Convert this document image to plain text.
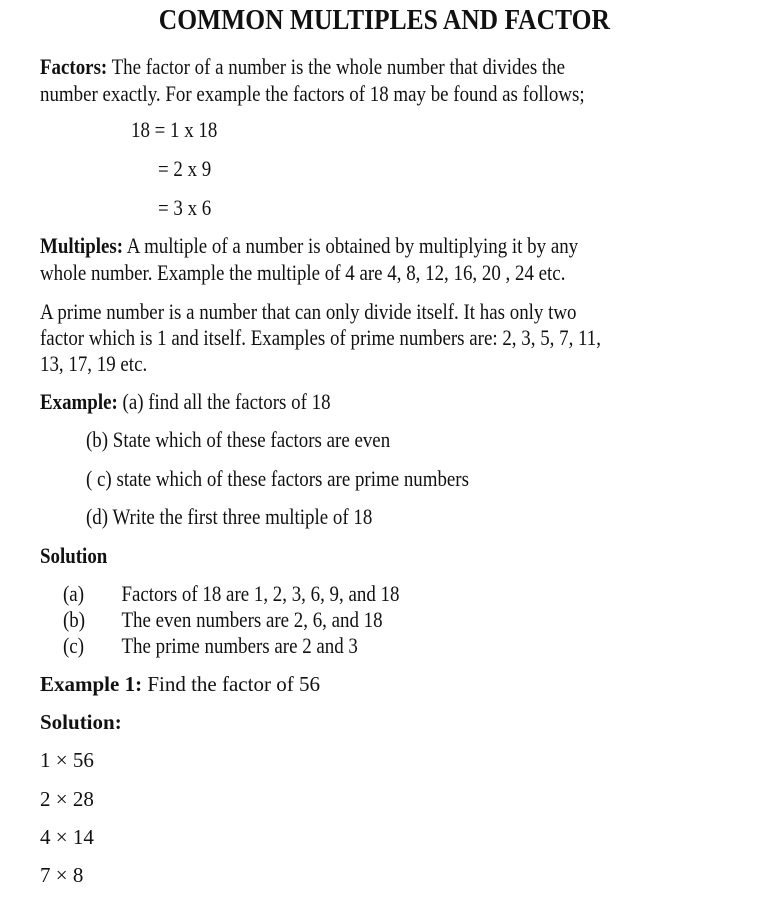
COMMON MULTIPLES AND FACTOR
Factors: The factor of a number is the whole number that divides the
number exactly. For example the factors of 18 may be found as follows;
18 = 1 x 18
= 2 x 9
= 3 x 6
Multiples: A multiple of a number is obtained by multiplying it by any
whole number. Example the multiple of 4 are 4, 8, 12, 16, 20 , 24 etc.
A prime number is a number that can only divide itself. It has only two
factor which is 1 and itself. Examples of prime numbers are: 2, 3, 5, 7, 11,
13, 17, 19 etc.
Example: (a) find all the factors of 18
(b) State which of these factors are even
( c) state which of these factors are prime numbers
(d) Write the first three multiple of 18
Solution
(a) Factors of 18 are 1, 2, 3, 6, 9, and 18
(b) The even numbers are 2, 6, and 18
(c) The prime numbers are 2 and 3
Example 1: Find the factor of 56
Solution:
1 × 56
2 × 28
4 × 14
7 × 8
